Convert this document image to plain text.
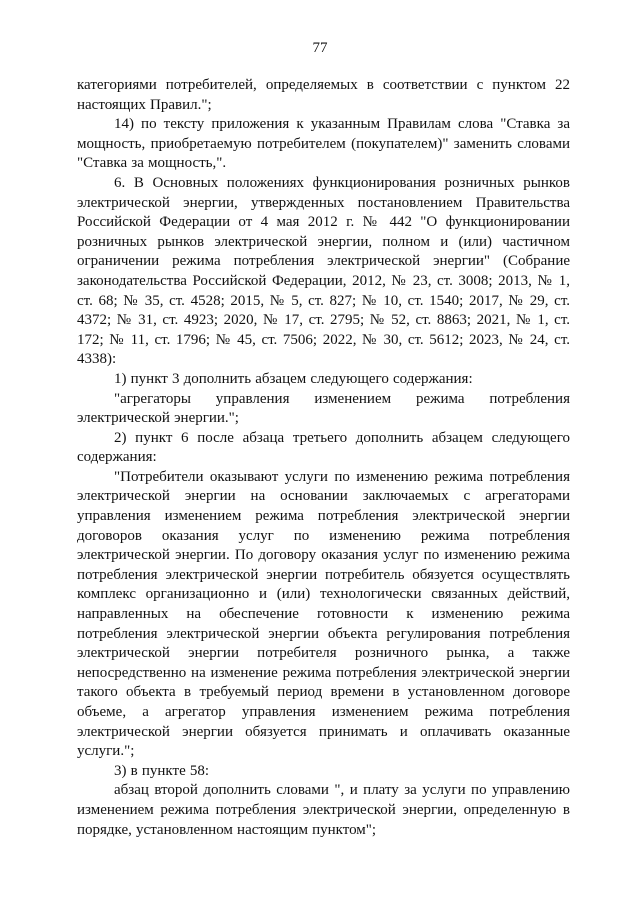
77

категориями потребителей, определяемых в соответствии с пунктом 22 настоящих Правил.";

14) по тексту приложения к указанным Правилам слова "Ставка за мощность, приобретаемую потребителем (покупателем)" заменить словами "Ставка за мощность,".

6. В Основных положениях функционирования розничных рынков электрической энергии, утвержденных постановлением Правительства Российской Федерации от 4 мая 2012 г. № 442 "О функционировании розничных рынков электрической энергии, полном и (или) частичном ограничении режима потребления электрической энергии" (Собрание законодательства Российской Федерации, 2012, № 23, ст. 3008; 2013, № 1, ст. 68; № 35, ст. 4528; 2015, № 5, ст. 827; № 10, ст. 1540; 2017, № 29, ст. 4372; № 31, ст. 4923; 2020, № 17, ст. 2795; № 52, ст. 8863; 2021, № 1, ст. 172; № 11, ст. 1796; № 45, ст. 7506; 2022, № 30, ст. 5612; 2023, № 24, ст. 4338):

1) пункт 3 дополнить абзацем следующего содержания:

"агрегаторы управления изменением режима потребления электрической энергии.";

2) пункт 6 после абзаца третьего дополнить абзацем следующего содержания:

"Потребители оказывают услуги по изменению режима потребления электрической энергии на основании заключаемых с агрегаторами управления изменением режима потребления электрической энергии договоров оказания услуг по изменению режима потребления электрической энергии. По договору оказания услуг по изменению режима потребления электрической энергии потребитель обязуется осуществлять комплекс организационно и (или) технологически связанных действий, направленных на обеспечение готовности к изменению режима потребления электрической энергии объекта регулирования потребления электрической энергии потребителя розничного рынка, а также непосредственно на изменение режима потребления электрической энергии такого объекта в требуемый период времени в установленном договоре объеме, а агрегатор управления изменением режима потребления электрической энергии обязуется принимать и оплачивать оказанные услуги.";

3) в пункте 58:

абзац второй дополнить словами ", и плату за услуги по управлению изменением режима потребления электрической энергии, определенную в порядке, установленном настоящим пунктом";
